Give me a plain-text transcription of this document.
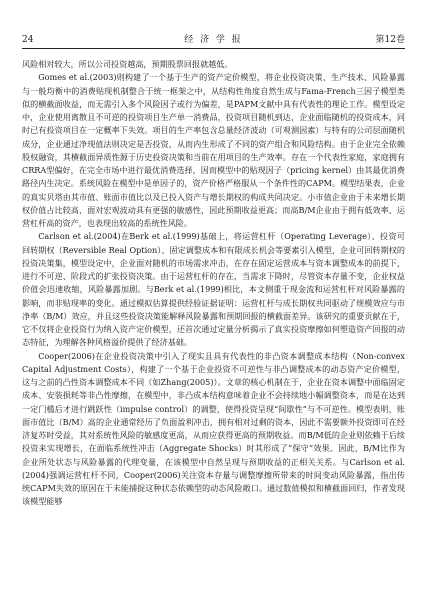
24	经 济 学 报	第12卷

风险相对较大，所以公司投资越高，预期股票回报就越低。

Gomes et al.(2003)则构建了一个基于生产的资产定价模型，将企业投资决策、生产技术、风险暴露与一般均衡中的消费贴现机制整合于统一框架之中，从结构性角度自然生成与Fama-French三因子模型类似的横截面收益，而无需引入多个风险因子或行为偏差，是PAPM文献中具有代表性的理论工作。模型设定中，企业使用离散且不可逆的投资项目生产单一消费品，投资项目随机到达，企业面临随机的投资成本，同时已有投资项目在一定概率下失效。项目的生产率包含总量经济波动（可观测因素）与特有的公司层面随机成分，企业通过净现值法则决定是否投资，从而内生形成了不同的资产组合和风险结构。由于企业完全依赖股权融资，其横截面异质性源于历史投资决策和当前在用项目的生产效率。存在一个代表性家庭，家庭拥有CRRA型偏好，在完全市场中进行最优消费选择，因而模型中的贴现因子（pricing kernel）由其最优消费路径内生决定。系统风险在模型中是单因子的，资产价格严格服从一个条件性的CAPM。模型结果表，企业的真实贝塔由其市值、账面市值比以及已投入资产与增长期权的构成共同决定。小市值企业由于未来增长期权价值占比较高，面对宏观波动具有更强的敏感性，因此预期收益更高；而高B/M企业由于拥有低效率、运营杠杆高的资产，也表现出较高的系统性风险。

Carlson et al.(2004)在Berk et al.(1999)基础上，将运营杠杆（Operating Leverage）、投资可回转期权（Reversible Real Option）、固定调整成本和有限成长机会等要素引入模型，企业可回转期权的投资决策集，模型设定中，企业面对随机的市场需求冲击，在存在固定运营成本与资本调整成本的前提下，进行不可逆、阶段式的扩张投资决策。由于运营杠杆的存在，当需求下降时，尽管资本存量不变，企业权益价值会迅速收缩，风险暴露加剧。与Berk et al.(1999)相比，本文侧重于现金流和运营杠杆对风险暴露的影响，而非贴现率的变化。通过模拟估算提供经验证据证明：运营杠杆与成长期权共同驱动了规模效应与市净率（B/M）效应，并且这些投资决策能解释风险暴露和预期回报的横截面差异。该研究的重要贡献在于，它不仅将企业投资行为纳入资产定价模型，还首次通过定量分析揭示了真实投资摩擦如何塑造资产回报的动态特征，为理解各种风格溢价提供了经济基础。

Cooper(2006)在企业投资决策中引入了现实且具有代表性的非凸资本调整成本结构（Non-convex Capital Adjustment Costs），构建了一个基于企业投资不可逆性与非凸调整成本的动态资产定价模型，这与之前的凸性资本调整成本不同（如Zhang(2005)）。文章的核心机制在于，企业在资本调整中面临固定成本、安装损耗等非凸性摩擦，在模型中，非凸成本结构意味着企业不会持续地小幅调整资本，而是在达到一定门槛后才进行跳跃性（impulse control）的调整，使得投资呈现“间歇性”与不可逆性。模型表明，账面市值比（B/M）高的企业通常经历了负面盈利冲击，拥有相对过剩的资本，因此不需要额外投资即可在经济复苏时受益，其对系统性风险的敏感度更高，从而应获得更高的预期收益。而B/M低的企业则依赖于后续投资来实现增长，在面临系统性冲击（Aggregate Shocks）时其形成了“保守”效果。因此，B/M比作为企业所处状态与风险暴露的代理变量，在该模型中自然呈现与预期收益的正相关关系。与Carlson et al.(2004)强调运营杠杆不同，Cooper(2006)关注资本存量与调整摩擦所带来的时间变动风险暴露，指出传统CAPM失效的原因在于未能捕捉这种状态依赖型的动态风险敞口。通过数值模拟和横截面回归，作者发现该模型能够
